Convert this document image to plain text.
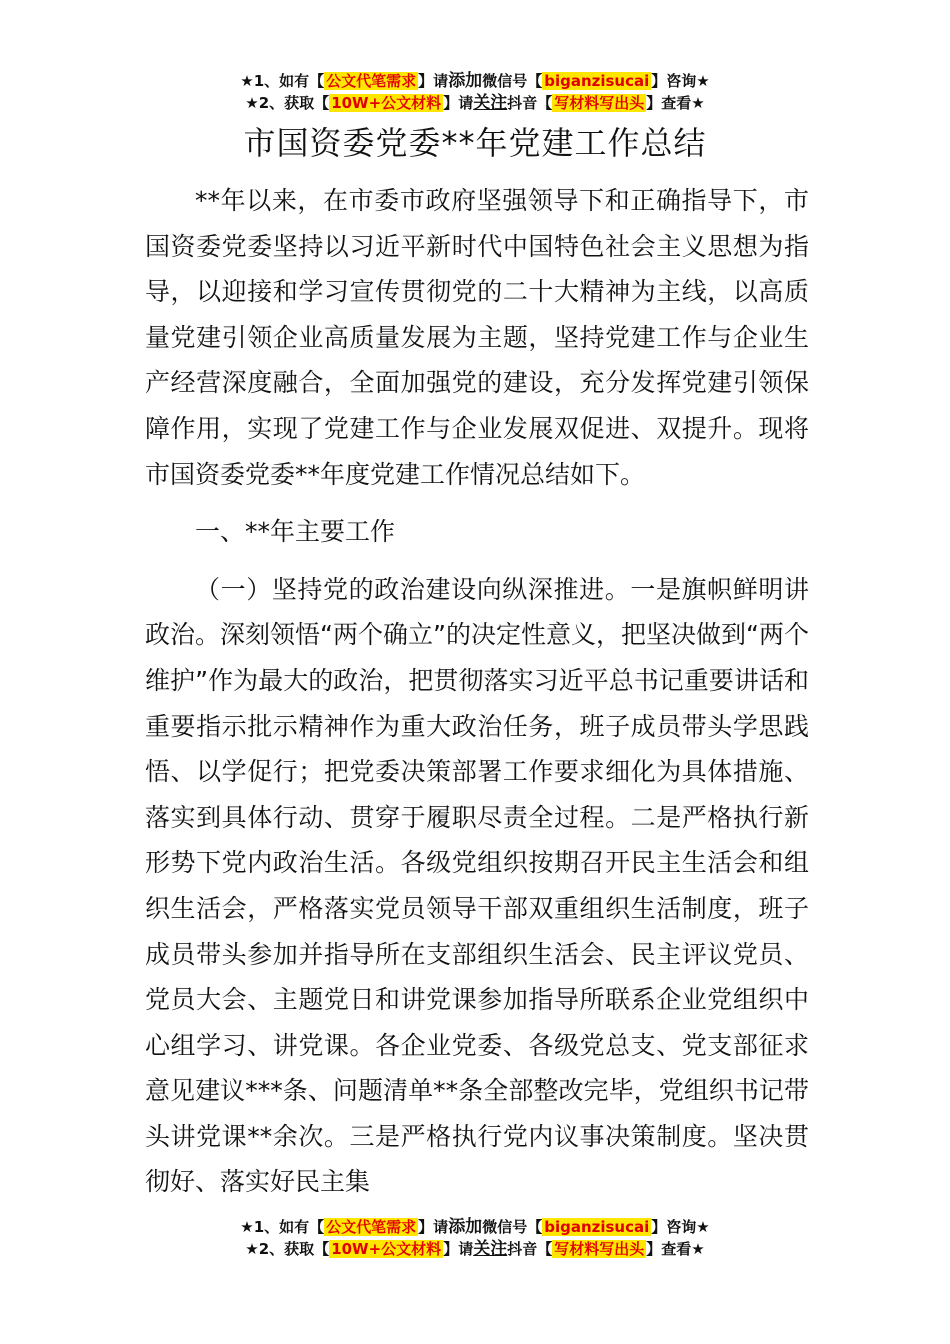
★1、如有【 公文代笔需求 】请添加微信号【 biganzisucai 】咨询★
★2、获取【 10W+公文材料 】请关注抖音【 写材料写出头 】查看★
市国资委党委**年党建工作总结

**年以来，在市委市政府坚强领导下和正确指导下，市国资委党委坚持以习近平新时代中国特色社会主义思想为指导，以迎接和学习宣传贯彻党的二十大精神为主线，以高质量党建引领企业高质量发展为主题，坚持党建工作与企业生产经营深度融合，全面加强党的建设，充分发挥党建引领保障作用，实现了党建工作与企业发展双促进、双提升。现将市国资委党委**年度党建工作情况总结如下。

一、**年主要工作

（一）坚持党的政治建设向纵深推进。一是旗帜鲜明讲政治。深刻领悟“两个确立”的决定性意义，把坚决做到“两个维护”作为最大的政治，把贯彻落实习近平总书记重要讲话和重要指示批示精神作为重大政治任务，班子成员带头学思践悟、以学促行；把党委决策部署工作要求细化为具体措施、落实到具体行动、贯穿于履职尽责全过程。二是严格执行新形势下党内政治生活。各级党组织按期召开民主生活会和组织生活会，严格落实党员领导干部双重组织生活制度，班子成员带头参加并指导所在支部组织生活会、民主评议党员、党员大会、主题党日和讲党课参加指导所联系企业党组织中心组学习、讲党课。各企业党委、各级党总支、党支部征求意见建议***条、问题清单**条全部整改完毕，党组织书记带头讲党课**余次。三是严格执行党内议事决策制度。坚决贯彻好、落实好民主集

★1、如有【 公文代笔需求 】请添加微信号【 biganzisucai 】咨询★
★2、获取【 10W+公文材料 】请关注抖音【 写材料写出头 】查看★
